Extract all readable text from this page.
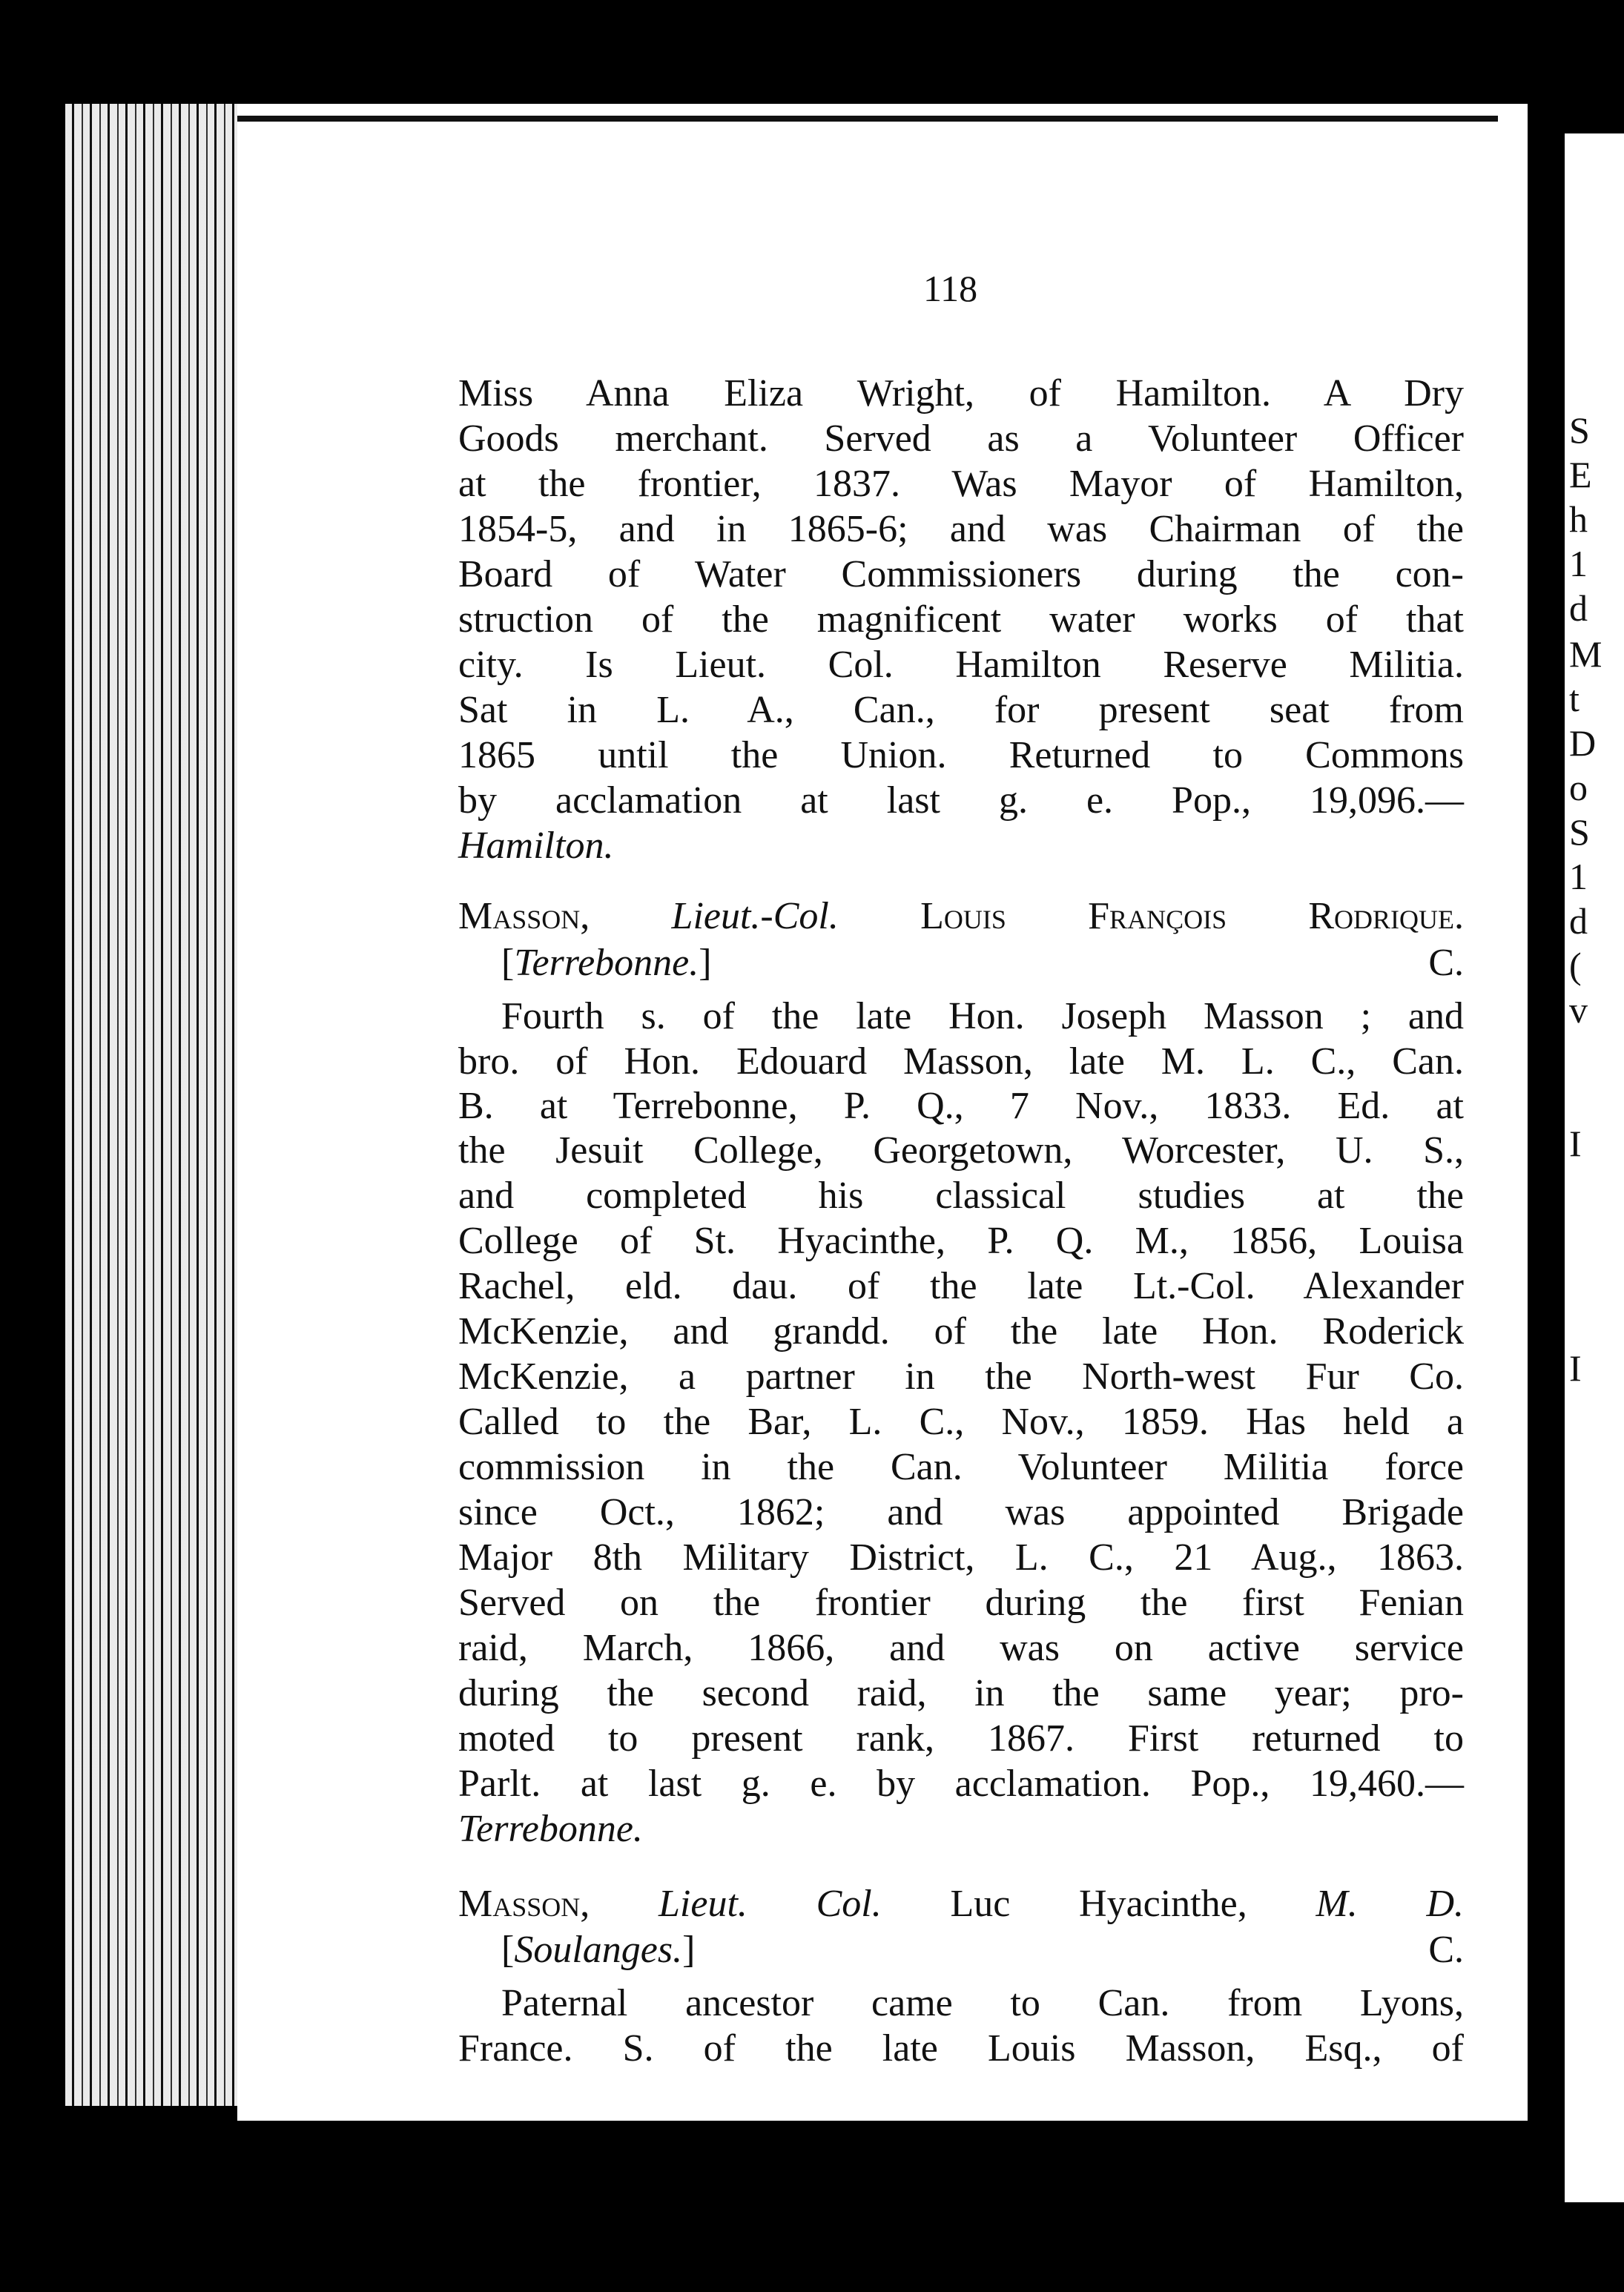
S
E
h
1
d
M
t
D
o
S
1
d
(
v
I
I
118
Miss Anna Eliza Wright, of Hamilton. A Dry
Goods merchant. Served as a Volunteer Officer
at the frontier, 1837. Was Mayor of Hamilton,
1854-5, and in 1865-6; and was Chairman of the
Board of Water Commissioners during the con-
struction of the magnificent water works of that
city. Is Lieut. Col. Hamilton Reserve Militia.
Sat in L. A., Can., for present seat from
1865 until the Union. Returned to Commons
by acclamation at last g. e. Pop., 19,096.—
Hamilton.
Masson, Lieut.-Col. Louis François Rodrique.
[Terrebonne.]	C.
Fourth s. of the late Hon. Joseph Masson ; and
bro. of Hon. Edouard Masson, late M. L. C., Can.
B. at Terrebonne, P. Q., 7 Nov., 1833. Ed. at
the Jesuit College, Georgetown, Worcester, U. S.,
and completed his classical studies at the
College of St. Hyacinthe, P. Q. M., 1856, Louisa
Rachel, eld. dau. of the late Lt.-Col. Alexander
McKenzie, and grandd. of the late Hon. Roderick
McKenzie, a partner in the North-west Fur Co.
Called to the Bar, L. C., Nov., 1859. Has held a
commission in the Can. Volunteer Militia force
since Oct., 1862; and was appointed Brigade
Major 8th Military District, L. C., 21 Aug., 1863.
Served on the frontier during the first Fenian
raid, March, 1866, and was on active service
during the second raid, in the same year; pro-
moted to present rank, 1867. First returned to
Parlt. at last g. e. by acclamation. Pop., 19,460.—
Terrebonne.
Masson, Lieut. Col. Luc Hyacinthe, M. D.
[Soulanges.]	C.
Paternal ancestor came to Can. from Lyons,
France. S. of the late Louis Masson, Esq., of
